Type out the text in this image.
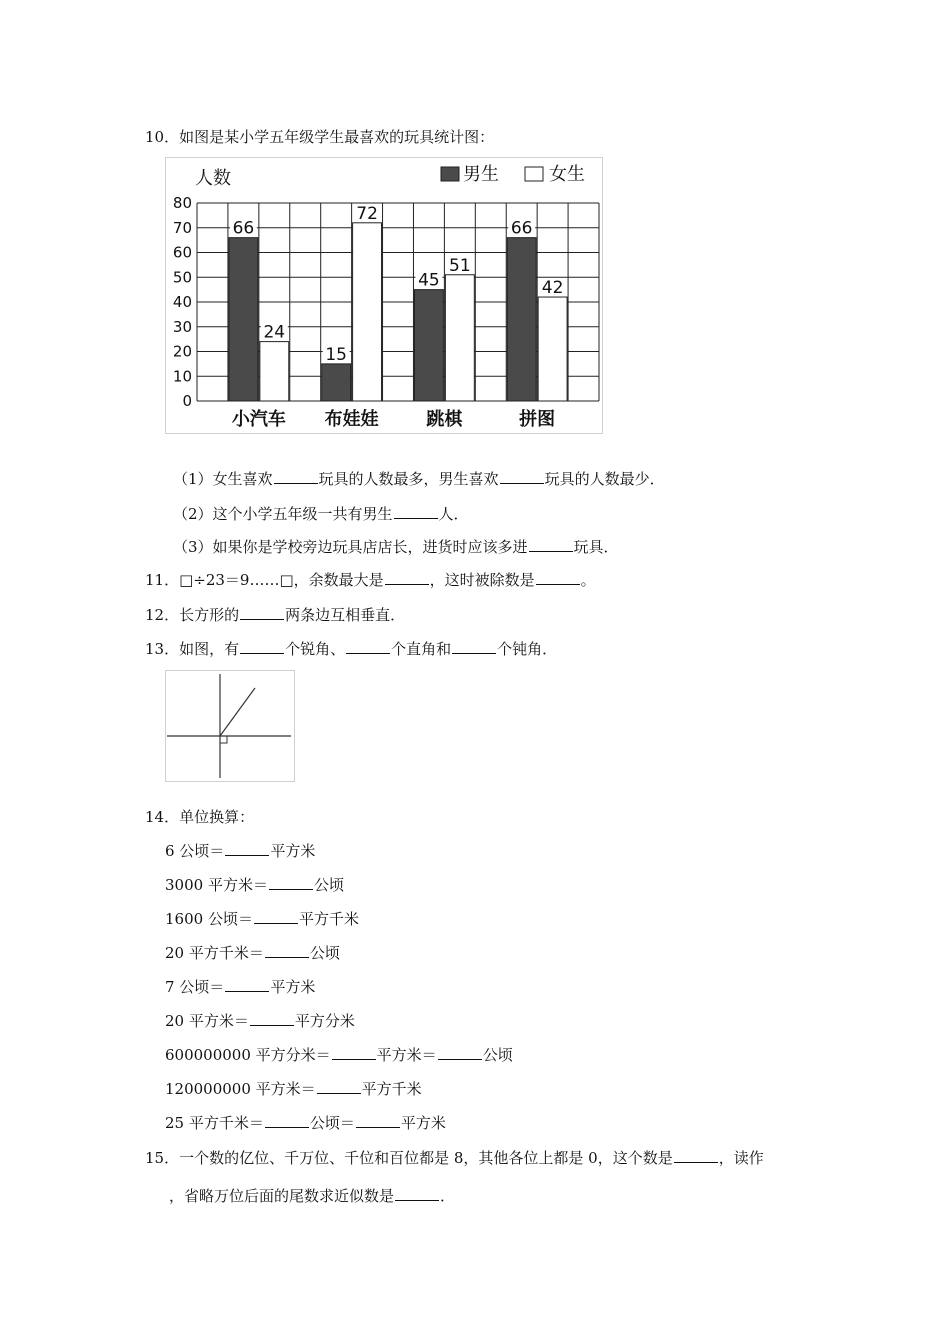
10．如图是某小学五年级学生最喜欢的玩具统计图：
0
10
20
30
40
50
60
70
80
人数	男生	女生
66
24
小汽车
15
72
布娃娃
45
51
跳棋
66
42
拼图
（1）女生喜欢	玩具的人数最多，男生喜欢	玩具的人数最少．
（2）这个小学五年级一共有男生	人．
（3）如果你是学校旁边玩具店店长，进货时应该多进	玩具．
11．□÷23＝9……□，余数最大是	，这时被除数是	。
12．长方形的	两条边互相垂直．
13．如图，有	个锐角、	个直角和	个钝角．
14．单位换算：
6 公顷＝	平方米
3000 平方米＝	公顷
1600 公顷＝	平方千米
20 平方千米＝	公顷
7 公顷＝	平方米
20 平方米＝	平方分米
600000000 平方分米＝	平方米＝	公顷
120000000 平方米＝	平方千米
25 平方千米＝	公顷＝	平方米
15．一个数的亿位、千万位、千位和百位都是 8，其他各位上都是 0，这个数是	，读作
，省略万位后面的尾数求近似数是	．
